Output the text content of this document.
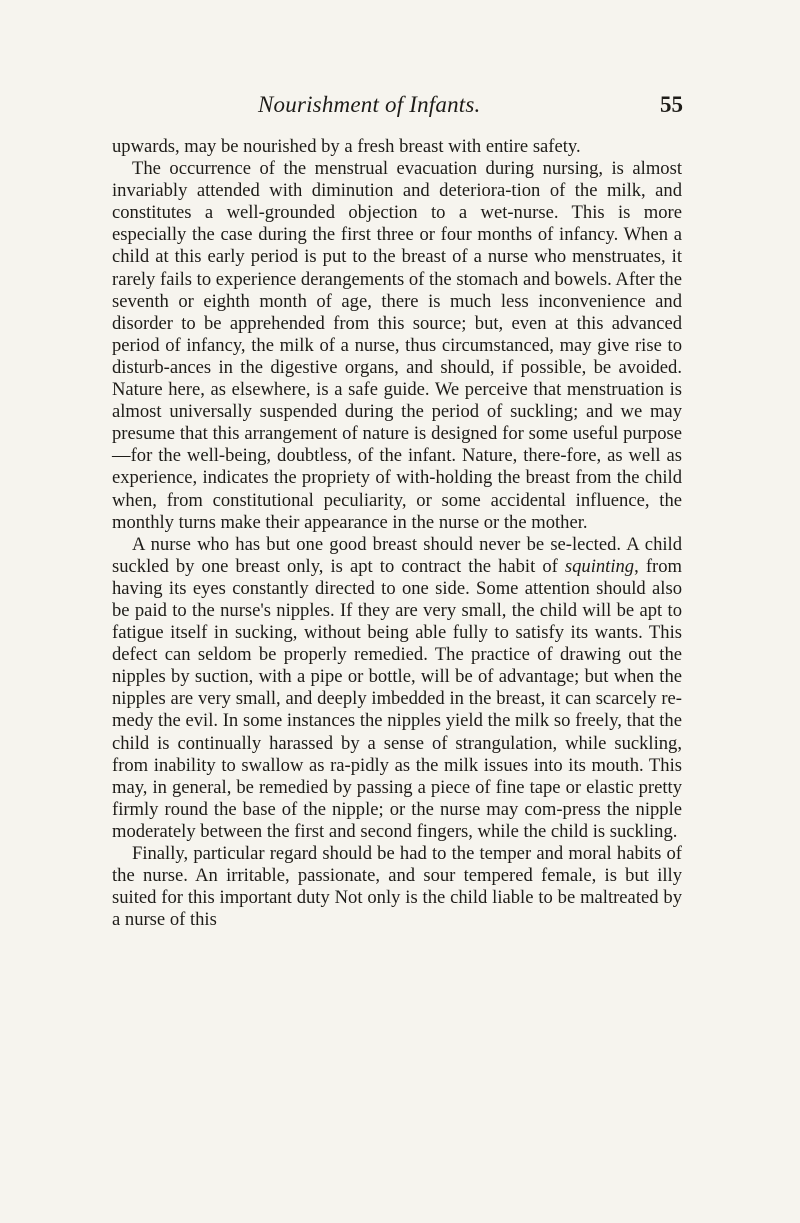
Nourishment of Infants.	55

upwards, may be nourished by a fresh breast with entire safety.

The occurrence of the menstrual evacuation during nursing, is almost invariably attended with diminution and deteriora-tion of the milk, and constitutes a well-grounded objection to a wet-nurse. This is more especially the case during the first three or four months of infancy. When a child at this early period is put to the breast of a nurse who menstruates, it rarely fails to experience derangements of the stomach and bowels. After the seventh or eighth month of age, there is much less inconvenience and disorder to be apprehended from this source; but, even at this advanced period of infancy, the milk of a nurse, thus circumstanced, may give rise to disturb-ances in the digestive organs, and should, if possible, be avoided. Nature here, as elsewhere, is a safe guide. We perceive that menstruation is almost universally suspended during the period of suckling; and we may presume that this arrangement of nature is designed for some useful purpose—for the well-being, doubtless, of the infant. Nature, there-fore, as well as experience, indicates the propriety of with-holding the breast from the child when, from constitutional peculiarity, or some accidental influence, the monthly turns make their appearance in the nurse or the mother.

A nurse who has but one good breast should never be se-lected. A child suckled by one breast only, is apt to contract the habit of squinting, from having its eyes constantly directed to one side. Some attention should also be paid to the nurse's nipples. If they are very small, the child will be apt to fatigue itself in sucking, without being able fully to satisfy its wants. This defect can seldom be properly remedied. The practice of drawing out the nipples by suction, with a pipe or bottle, will be of advantage; but when the nipples are very small, and deeply imbedded in the breast, it can scarcely re-medy the evil. In some instances the nipples yield the milk so freely, that the child is continually harassed by a sense of strangulation, while suckling, from inability to swallow as ra-pidly as the milk issues into its mouth. This may, in general, be remedied by passing a piece of fine tape or elastic pretty firmly round the base of the nipple; or the nurse may com-press the nipple moderately between the first and second fingers, while the child is suckling.

Finally, particular regard should be had to the temper and moral habits of the nurse. An irritable, passionate, and sour tempered female, is but illy suited for this important duty Not only is the child liable to be maltreated by a nurse of this
